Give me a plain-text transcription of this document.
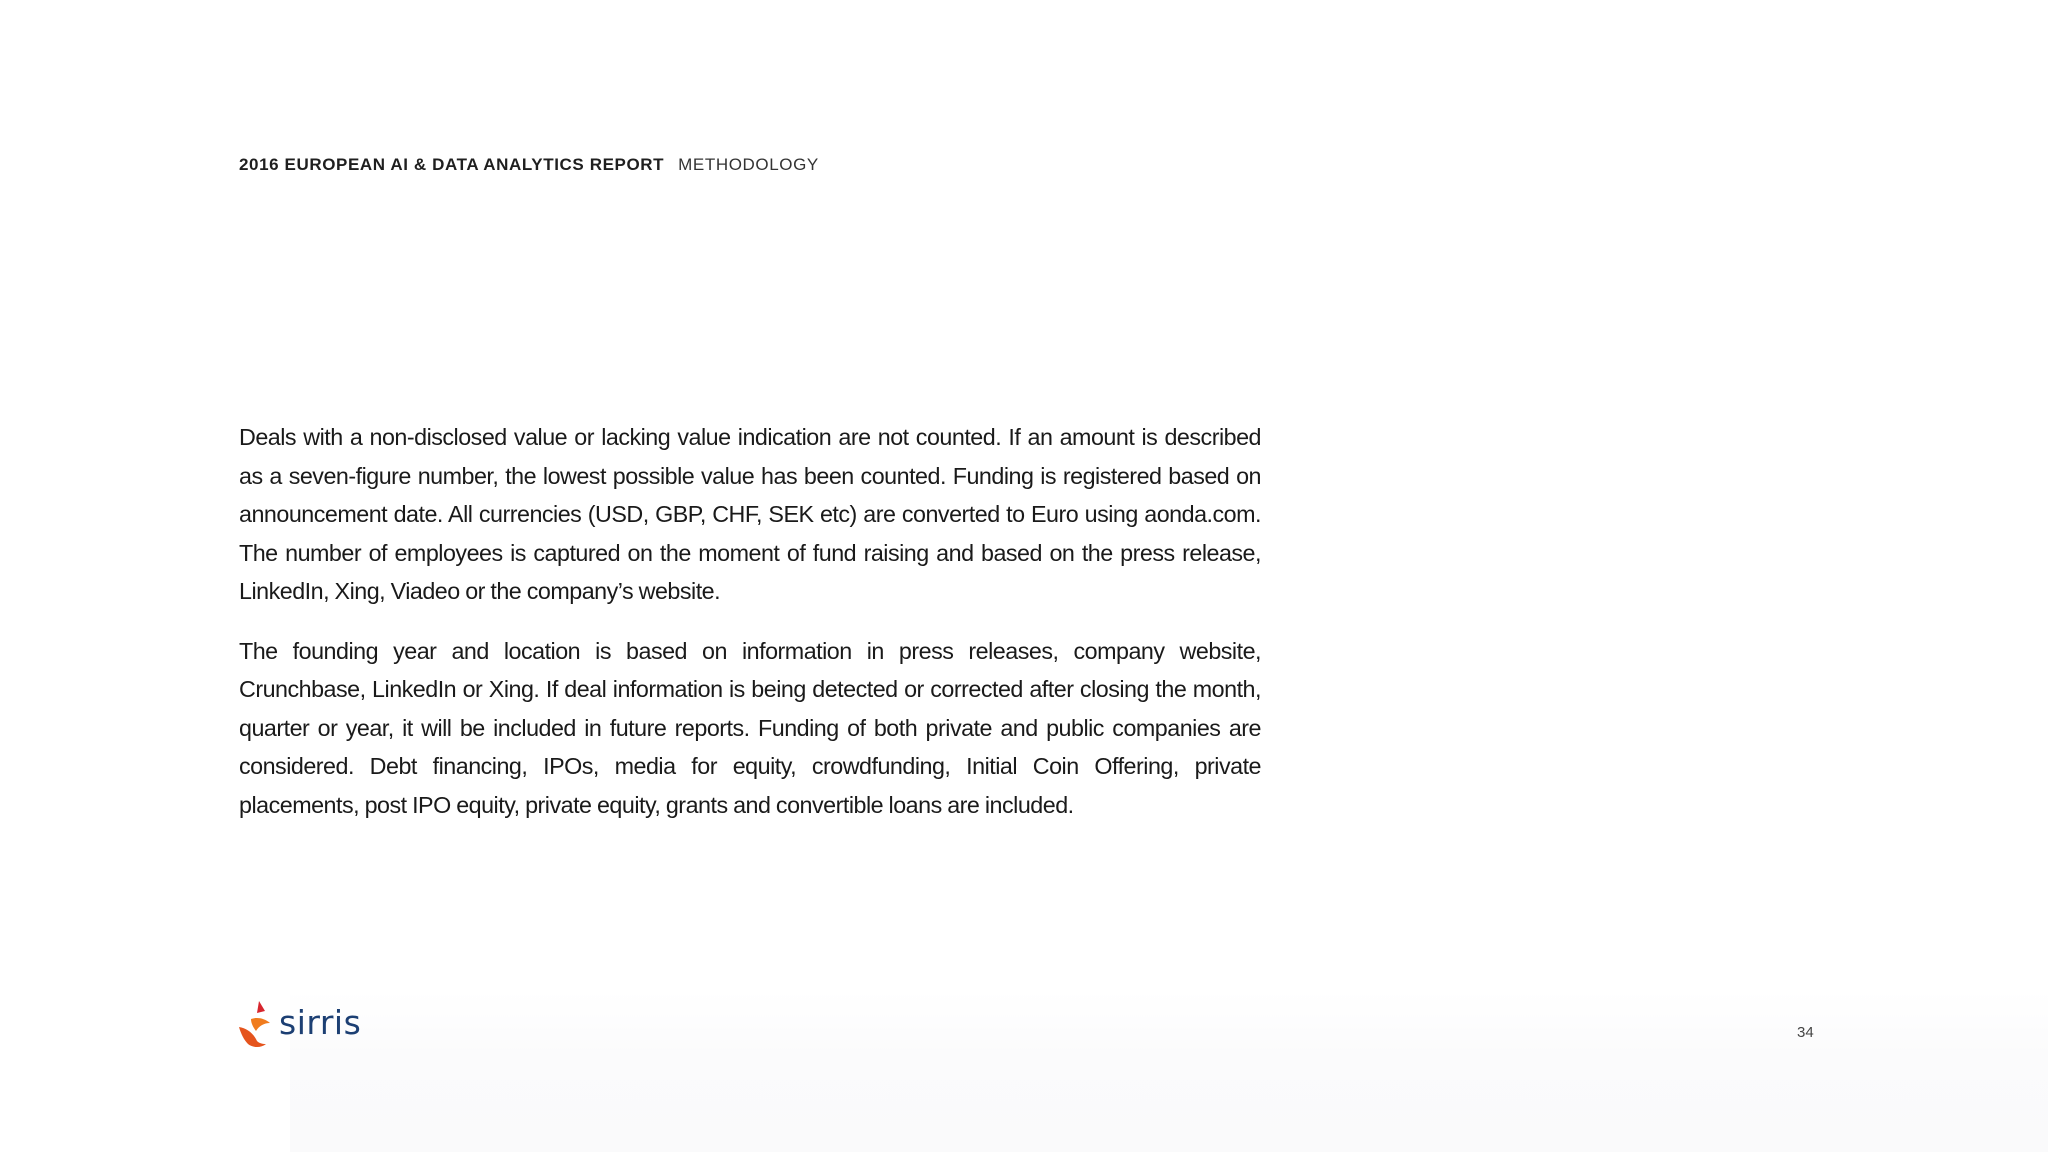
2016 EUROPEAN AI & DATA ANALYTICS REPORT METHODOLOGY

Deals with a non-disclosed value or lacking value indication are not counted. If an amount is described as a seven-figure number, the lowest possible value has been counted. Funding is registered based on announcement date. All currencies (USD, GBP, CHF, SEK etc) are converted to Euro using aonda.com. The number of employees is captured on the moment of fund raising and based on the press release, LinkedIn, Xing, Viadeo or the company’s website.

The founding year and location is based on information in press releases, company website, Crunchbase, LinkedIn or Xing. If deal information is being detected or corrected after closing the month, quarter or year, it will be included in future reports. Funding of both private and public companies are considered. Debt financing, IPOs, media for equity, crowdfunding, Initial Coin Offering, private placements, post IPO equity, private equity, grants and convertible loans are included.

sirris	34
